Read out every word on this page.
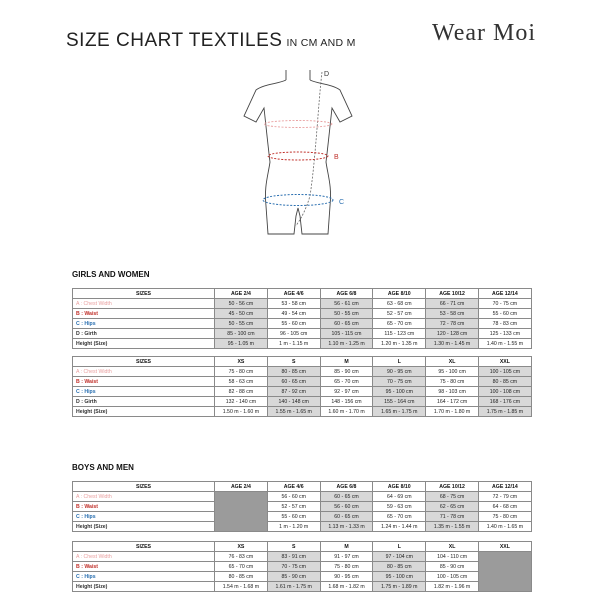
SIZE CHART TEXTILES IN CM AND M	Wear Moi
D
B
C
GIRLS AND WOMEN
SIZES	AGE 2/4	AGE 4/6	AGE 6/8	AGE 8/10	AGE 10/12	AGE 12/14
A : Chest Width	50 - 56 cm	53 - 58 cm	56 - 61 cm	63 - 68 cm	66 - 71 cm	70 - 75 cm
B : Waist	45 - 50 cm	49 - 54 cm	50 - 55 cm	52 - 57 cm	53 - 58 cm	55 - 60 cm
C : Hips	50 - 55 cm	55 - 60 cm	60 - 65 cm	65 - 70 cm	72 - 78 cm	78 - 83 cm
D : Girth	85 - 100 cm	96 - 105 cm	105 - 115 cm	115 - 123 cm	120 - 128 cm	125 - 133 cm
Height (Size)	95 - 1.05 m	1 m - 1.15 m	1.10 m - 1.25 m	1.20 m - 1.35 m	1.30 m - 1.45 m	1.40 m - 1.55 m
SIZES	XS	S	M	L	XL	XXL
A : Chest Width	75 - 80 cm	80 - 85 cm	85 - 90 cm	90 - 95 cm	95 - 100 cm	100 - 105 cm
B : Waist	58 - 63 cm	60 - 65 cm	65 - 70 cm	70 - 75 cm	75 - 80 cm	80 - 85 cm
C : Hips	82 - 88 cm	87 - 92 cm	92 - 97 cm	95 - 100 cm	98 - 103 cm	100 - 108 cm
D : Girth	132 - 140 cm	140 - 148 cm	148 - 156 cm	155 - 164 cm	164 - 172 cm	168 - 176 cm
Height (Size)	1.50 m - 1.60 m	1.55 m - 1.65 m	1.60 m - 1.70 m	1.65 m - 1.75 m	1.70 m - 1.80 m	1.75 m - 1.85 m
BOYS AND MEN
SIZES	AGE 2/4	AGE 4/6	AGE 6/8	AGE 8/10	AGE 10/12	AGE 12/14
A : Chest Width		56 - 60 cm	60 - 65 cm	64 - 69 cm	68 - 75 cm	72 - 79 cm
B : Waist		52 - 57 cm	56 - 60 cm	59 - 63 cm	62 - 65 cm	64 - 68 cm
C : Hips		55 - 60 cm	60 - 65 cm	65 - 70 cm	71 - 78 cm	75 - 80 cm
Height (Size)		1 m - 1.20 m	1.13 m - 1.33 m	1.24 m - 1.44 m	1.35 m - 1.55 m	1.40 m - 1.65 m
SIZES	XS	S	M	L	XL	XXL
A : Chest Width	76 - 83 cm	83 - 91 cm	91 - 97 cm	97 - 104 cm	104 - 110 cm	
B : Waist	65 - 70 cm	70 - 75 cm	75 - 80 cm	80 - 85 cm	85 - 90 cm	
C : Hips	80 - 85 cm	85 - 90 cm	90 - 95 cm	95 - 100 cm	100 - 105 cm	
Height (Size)	1.54 m - 1.68 m	1.61 m - 1.75 m	1.68 m - 1.82 m	1.75 m - 1.89 m	1.82 m - 1.96 m	
